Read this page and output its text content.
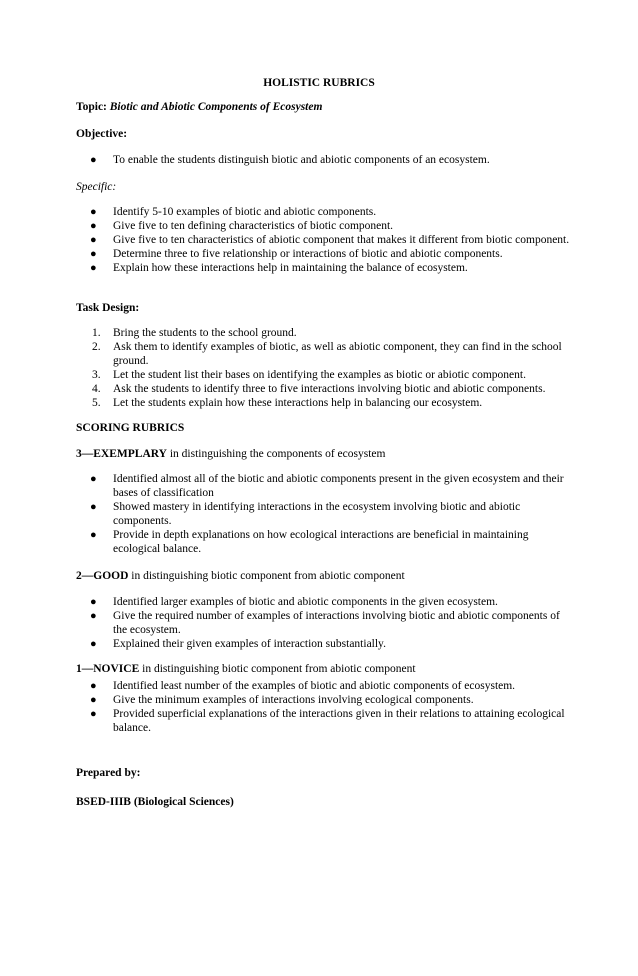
HOLISTIC RUBRICS
Topic: Biotic and Abiotic Components of Ecosystem
Objective:
●	To enable the students distinguish biotic and abiotic components of an ecosystem.
Specific:
●	Identify 5-10 examples of biotic and abiotic components.
●	Give five to ten defining characteristics of biotic component.
●	Give five to ten characteristics of abiotic component that makes it different from biotic component.
●	Determine three to five relationship or interactions of biotic and abiotic components.
●	Explain how these interactions help in maintaining the balance of ecosystem.
Task Design:
1.	Bring the students to the school ground.
2.	Ask them to identify examples of biotic, as well as abiotic component, they can find in the school ground.
3.	Let the student list their bases on identifying the examples as biotic or abiotic component.
4.	Ask the students to identify three to five interactions involving biotic and abiotic components.
5.	Let the students explain how these interactions help in balancing our ecosystem.
SCORING RUBRICS
3—EXEMPLARY in distinguishing the components of ecosystem
●	Identified almost all of the biotic and abiotic components present in the given ecosystem and their bases of classification
●	Showed mastery in identifying interactions in the ecosystem involving biotic and abiotic components.
●	Provide in depth explanations on how ecological interactions are beneficial in maintaining ecological balance.
2—GOOD in distinguishing biotic component from abiotic component
●	Identified larger examples of biotic and abiotic components in the given ecosystem.
●	Give the required number of examples of interactions involving biotic and abiotic components of the ecosystem.
●	Explained their given examples of interaction substantially.
1—NOVICE in distinguishing biotic component from abiotic component
●	Identified least number of the examples of biotic and abiotic components of ecosystem.
●	Give the minimum examples of interactions involving ecological components.
●	Provided superficial explanations of the interactions given in their relations to attaining ecological balance.
Prepared by:
BSED-IIIB (Biological Sciences)
